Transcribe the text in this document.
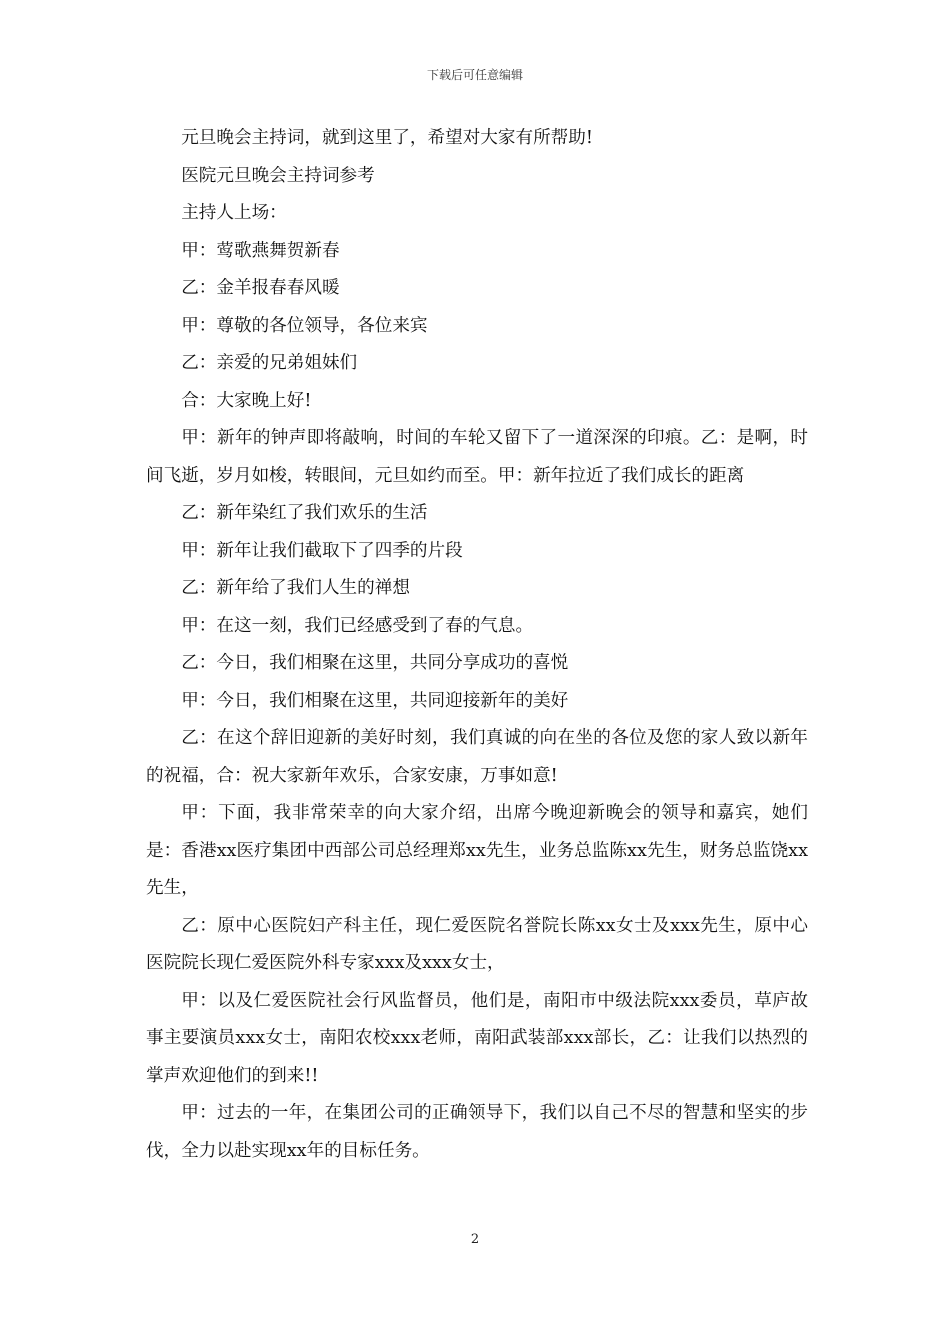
下载后可任意编辑

元旦晚会主持词，就到这里了，希望对大家有所帮助!

医院元旦晚会主持词参考

主持人上场：

甲：莺歌燕舞贺新春

乙：金羊报春春风暖

甲：尊敬的各位领导，各位来宾

乙：亲爱的兄弟姐妹们

合：大家晚上好!

甲：新年的钟声即将敲响，时间的车轮又留下了一道深深的印痕。乙：是啊，时间飞逝，岁月如梭，转眼间，元旦如约而至。甲：新年拉近了我们成长的距离

乙：新年染红了我们欢乐的生活

甲：新年让我们截取下了四季的片段

乙：新年给了我们人生的禅想

甲：在这一刻，我们已经感受到了春的气息。

乙：今日，我们相聚在这里，共同分享成功的喜悦

甲：今日，我们相聚在这里，共同迎接新年的美好

乙：在这个辞旧迎新的美好时刻，我们真诚的向在坐的各位及您的家人致以新年的祝福，合：祝大家新年欢乐，合家安康，万事如意!

甲：下面，我非常荣幸的向大家介绍，出席今晚迎新晚会的领导和嘉宾，她们是：香港xx医疗集团中西部公司总经理郑xx先生，业务总监陈xx先生，财务总监饶xx先生，

乙：原中心医院妇产科主任，现仁爱医院名誉院长陈xx女士及xxx先生，原中心医院院长现仁爱医院外科专家xxx及xxx女士，

甲：以及仁爱医院社会行风监督员，他们是，南阳市中级法院xxx委员，草庐故事主要演员xxx女士，南阳农校xxx老师，南阳武装部xxx部长，乙：让我们以热烈的掌声欢迎他们的到来!!

甲：过去的一年，在集团公司的正确领导下，我们以自己不尽的智慧和坚实的步伐，全力以赴实现xx年的目标任务。

2
